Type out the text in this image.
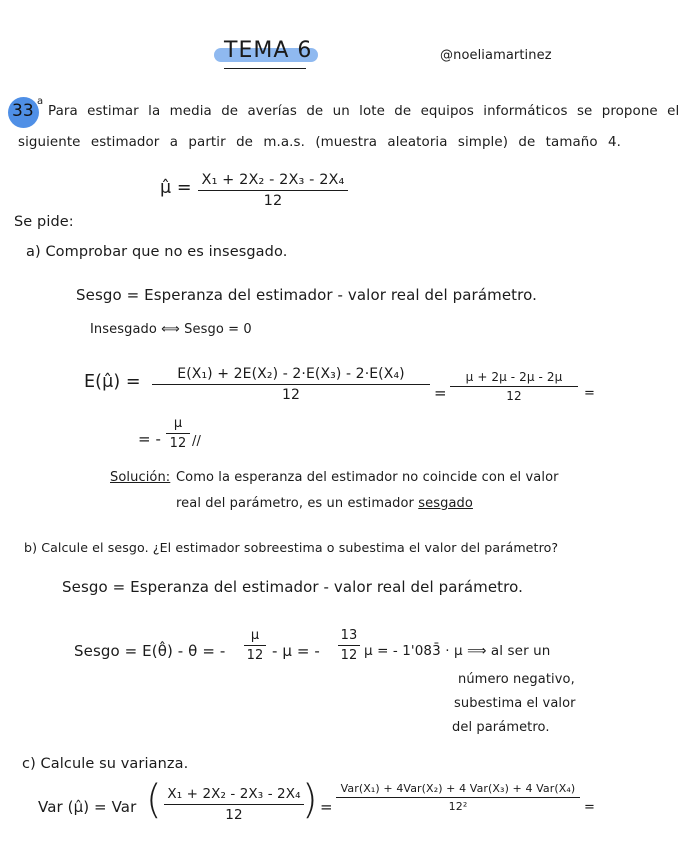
TEMA 6	@noeliamartinez
33 a
Para estimar la media de averías de un lote de equipos informáticos se propone el
siguiente estimador a partir de m.a.s. (muestra aleatoria simple) de tamaño 4.
μ̂ = X₁ + 2X₂ - 2X₃ - 2X₄
12
Se pide:
a) Comprobar que no es insesgado.
Sesgo = Esperanza del estimador - valor real del parámetro.
Insesgado ⟺ Sesgo = 0
E(μ̂) =	E(X₁) + 2E(X₂) - 2·E(X₃) - 2·E(X₄)
12	=
μ + 2μ - 2μ - 2μ
12	=
= -
μ
12 //
Solución: Como la esperanza del estimador no coincide con el valor
real del parámetro, es un estimador sesgado
b) Calcule el sesgo. ¿El estimador sobreestima o subestima el valor del parámetro?
Sesgo = Esperanza del estimador - valor real del parámetro.
Sesgo = E(θ̂) - θ = -
μ
12 - μ = -
13
12 μ = - 1'083̄ · μ ⟹ al ser un
número negativo,
subestima el valor
del parámetro.
c) Calcule su varianza.
Var (μ̂) = Var ( X₁ + 2X₂ - 2X₃ - 2X₄
12	) =
Var(X₁) + 4Var(X₂) + 4 Var(X₃) + 4 Var(X₄)
12²	=
